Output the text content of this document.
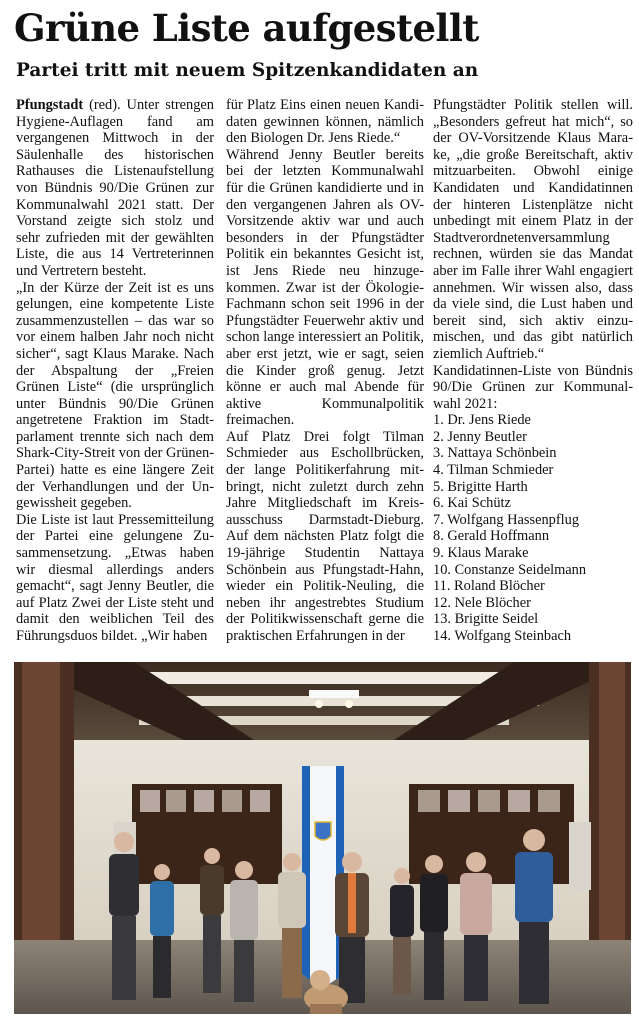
Grüne Liste aufgestellt
Partei tritt mit neuem Spitzenkandidaten an

Pfungstadt (red). Unter strengen Hygiene-Auflagen fand am vergangenen Mittwoch in der Säulenhalle des historischen Rathauses die Listenaufstellung von Bündnis 90/Die Grünen zur Kommunalwahl 2021 statt. Der Vorstand zeigte sich stolz und sehr zufrieden mit der gewählten Liste, die aus 14 Vertreterinnen und Vertretern besteht.

„In der Kürze der Zeit ist es uns gelungen, eine kompetente Liste zusammenzustellen – das war so vor einem halben Jahr noch nicht sicher“, sagt Klaus Marake. Nach der Abspaltung der „Freien Grünen Liste“ (die ursprünglich unter Bündnis 90/Die Grünen angetretene Fraktion im Stadtparlament trennte sich nach dem Shark-City-Streit von der Grünen-Partei) hatte es eine längere Zeit der Verhandlungen und der Ungewissheit gegeben.

Die Liste ist laut Pressemitteilung der Partei eine gelungene Zusammensetzung. „Etwas haben wir diesmal allerdings anders gemacht“, sagt Jenny Beutler, die auf Platz Zwei der Liste steht und damit den weiblichen Teil des Führungsduos bildet. „Wir haben

für Platz Eins einen neuen Kandidaten gewinnen können, nämlich den Biologen Dr. Jens Riede.“

Während Jenny Beutler bereits bei der letzten Kommunalwahl für die Grünen kandidierte und in den vergangenen Jahren als OV-Vorsitzende aktiv war und auch besonders in der Pfungstädter Politik ein bekanntes Gesicht ist, ist Jens Riede neu hinzugekommen. Zwar ist der Ökologie-Fachmann schon seit 1996 in der Pfungstädter Feuerwehr aktiv und schon lange interessiert an Politik, aber erst jetzt, wie er sagt, seien die Kinder groß genug. Jetzt könne er auch mal Abende für aktive Kommunalpolitik freimachen.

Auf Platz Drei folgt Tilman Schmieder aus Eschollbrücken, der lange Politikerfahrung mitbringt, nicht zuletzt durch zehn Jahre Mitgliedschaft im Kreisausschuss Darmstadt-Dieburg. Auf dem nächsten Platz folgt die 19-jährige Studentin Nattaya Schönbein aus Pfungstadt-Hahn, wieder ein Politik-Neuling, die neben ihr angestrebtes Studium der Politikwissenschaft gerne die praktischen Erfahrungen in der

Pfungstädter Politik stellen will. „Besonders gefreut hat mich“, so der OV-Vorsitzende Klaus Marake, „die große Bereitschaft, aktiv mitzuarbeiten. Obwohl einige Kandidaten und Kandidatinnen der hinteren Listenplätze nicht unbedingt mit einem Platz in der Stadtverordnetenversammlung rechnen, würden sie das Mandat aber im Falle ihrer Wahl engagiert annehmen. Wir wissen also, dass da viele sind, die Lust haben und bereit sind, sich aktiv einzumischen, und das gibt natürlich ziemlich Auftrieb.“

Kandidatinnen-Liste von Bündnis 90/Die Grünen zur Kommunalwahl 2021:

1. Dr. Jens Riede
2. Jenny Beutler
3. Nattaya Schönbein
4. Tilman Schmieder
5. Brigitte Harth
6. Kai Schütz
7. Wolfgang Hassenpflug
8. Gerald Hoffmann
9. Klaus Marake
10. Constanze Seidelmann
11. Roland Blöcher
12. Nele Blöcher
13. Brigitte Seidel
14. Wolfgang Steinbach
